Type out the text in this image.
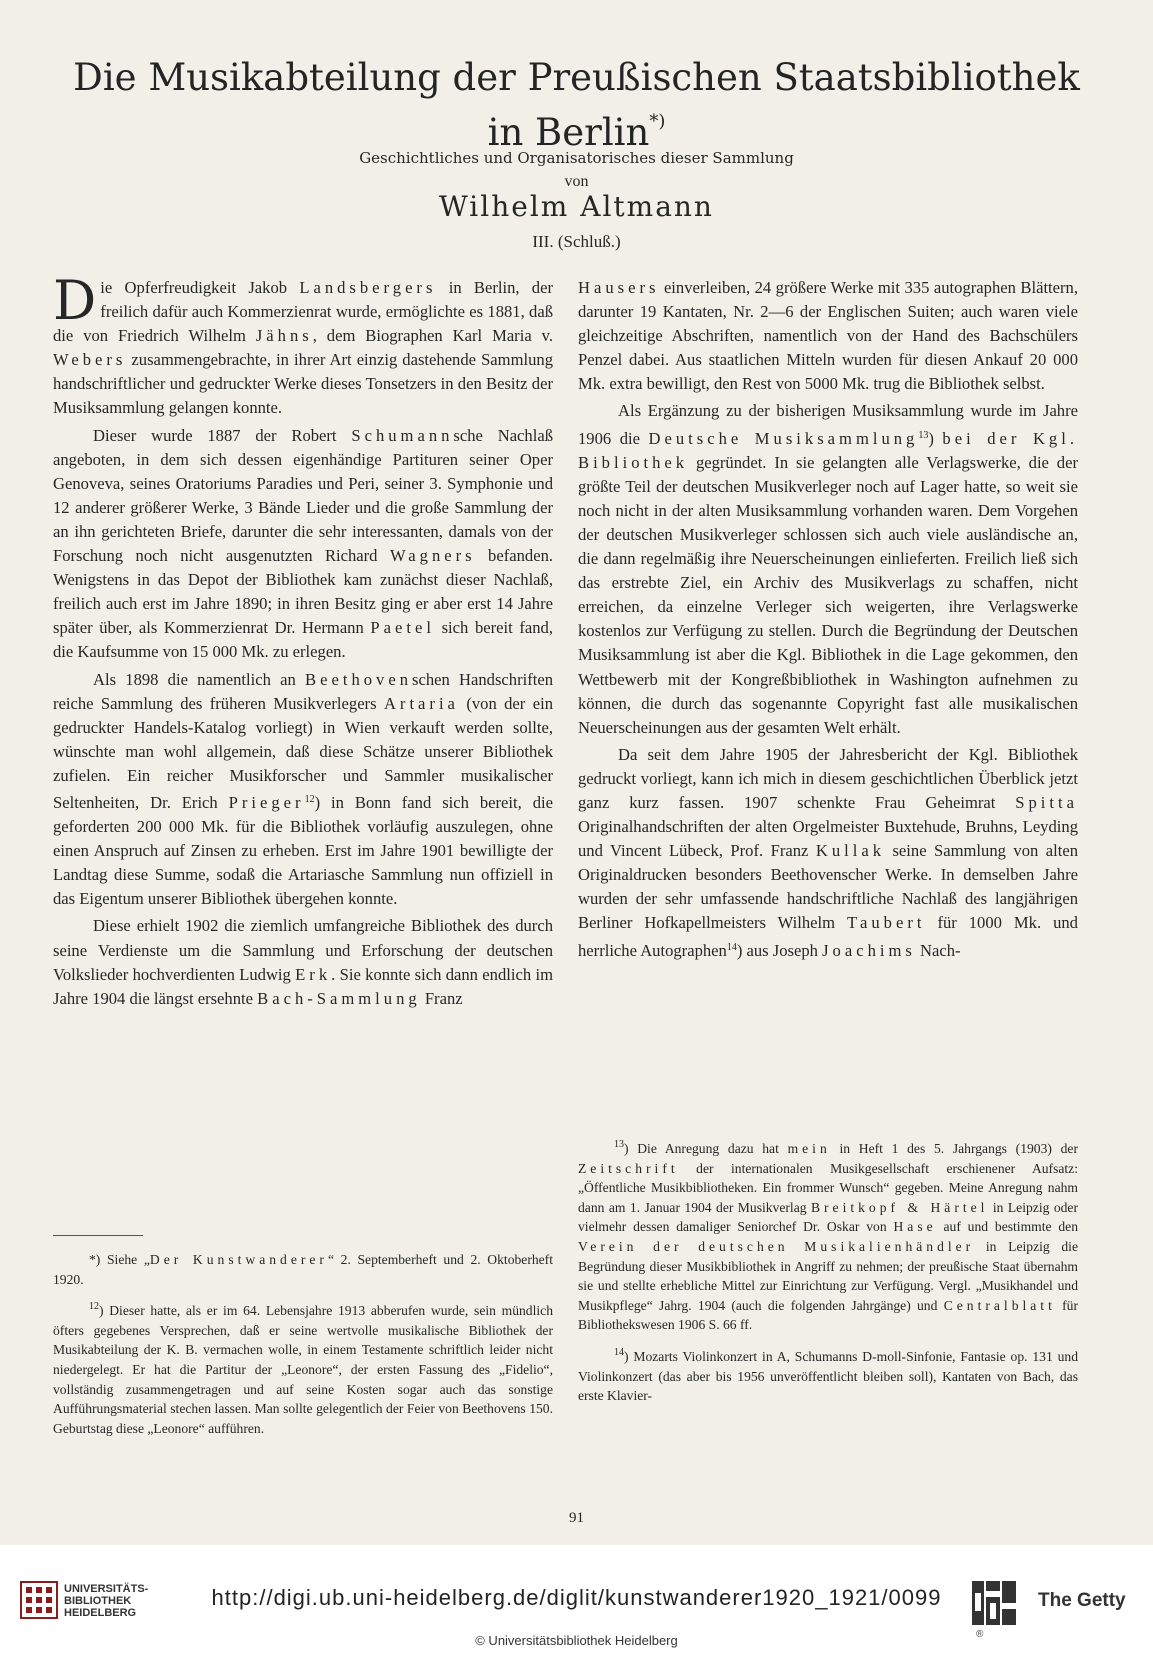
Die Musikabteilung der Preußischen Staatsbibliothek
in Berlin*)
Geschichtliches und Organisatorisches dieser Sammlung
von
Wilhelm Altmann
III. (Schluß.)

Die Opferfreudigkeit Jakob Landsbergers in Berlin, der freilich dafür auch Kommerzienrat wurde, ermöglichte es 1881, daß die von Friedrich Wilhelm Jähns, dem Biographen Karl Maria v. Webers zusammengebrachte, in ihrer Art einzig dastehende Sammlung handschriftlicher und gedruckter Werke dieses Tonsetzers in den Besitz der Musiksammlung gelangen konnte.

Dieser wurde 1887 der Robert Schumannsche Nachlaß angeboten, in dem sich dessen eigenhändige Partituren seiner Oper Genoveva, seines Oratoriums Paradies und Peri, seiner 3. Symphonie und 12 anderer größerer Werke, 3 Bände Lieder und die große Sammlung der an ihn gerichteten Briefe, darunter die sehr interessanten, damals von der Forschung noch nicht ausgenutzten Richard Wagners befanden. Wenigstens in das Depot der Bibliothek kam zunächst dieser Nachlaß, freilich auch erst im Jahre 1890; in ihren Besitz ging er aber erst 14 Jahre später über, als Kommerzienrat Dr. Hermann Paetel sich bereit fand, die Kaufsumme von 15 000 Mk. zu erlegen.

Als 1898 die namentlich an Beethovenschen Handschriften reiche Sammlung des früheren Musikverlegers Artaria (von der ein gedruckter Handels-Katalog vorliegt) in Wien verkauft werden sollte, wünschte man wohl allgemein, daß diese Schätze unserer Bibliothek zufielen. Ein reicher Musikforscher und Sammler musikalischer Seltenheiten, Dr. Erich Prieger$^{12}$) in Bonn fand sich bereit, die geforderten 200 000 Mk. für die Bibliothek vorläufig auszulegen, ohne einen Anspruch auf Zinsen zu erheben. Erst im Jahre 1901 bewilligte der Landtag diese Summe, sodaß die Artariasche Sammlung nun offiziell in das Eigentum unserer Bibliothek übergehen konnte.

Diese erhielt 1902 die ziemlich umfangreiche Bibliothek des durch seine Verdienste um die Sammlung und Erforschung der deutschen Volkslieder hochverdienten Ludwig Erk. Sie konnte sich dann endlich im Jahre 1904 die längst ersehnte Bach-Sammlung Franz

Hausers einverleiben, 24 größere Werke mit 335 autographen Blättern, darunter 19 Kantaten, Nr. 2—6 der Englischen Suiten; auch waren viele gleichzeitige Abschriften, namentlich von der Hand des Bachschülers Penzel dabei. Aus staatlichen Mitteln wurden für diesen Ankauf 20 000 Mk. extra bewilligt, den Rest von 5000 Mk. trug die Bibliothek selbst.

Als Ergänzung zu der bisherigen Musiksammlung wurde im Jahre 1906 die Deutsche Musiksammlung$^{13}$) bei der Kgl. Bibliothek gegründet. In sie gelangten alle Verlagswerke, die der größte Teil der deutschen Musikverleger noch auf Lager hatte, so weit sie noch nicht in der alten Musiksammlung vorhanden waren. Dem Vorgehen der deutschen Musikverleger schlossen sich auch viele ausländische an, die dann regelmäßig ihre Neuerscheinungen einlieferten. Freilich ließ sich das erstrebte Ziel, ein Archiv des Musikverlags zu schaffen, nicht erreichen, da einzelne Verleger sich weigerten, ihre Verlagswerke kostenlos zur Verfügung zu stellen. Durch die Begründung der Deutschen Musiksammlung ist aber die Kgl. Bibliothek in die Lage gekommen, den Wettbewerb mit der Kongreßbibliothek in Washington aufnehmen zu können, die durch das sogenannte Copyright fast alle musikalischen Neuerscheinungen aus der gesamten Welt erhält.

Da seit dem Jahre 1905 der Jahresbericht der Kgl. Bibliothek gedruckt vorliegt, kann ich mich in diesem geschichtlichen Überblick jetzt ganz kurz fassen. 1907 schenkte Frau Geheimrat Spitta Originalhandschriften der alten Orgelmeister Buxtehude, Bruhns, Leyding und Vincent Lübeck, Prof. Franz Kullak seine Sammlung von alten Originaldrucken besonders Beethovenscher Werke. In demselben Jahre wurden der sehr umfassende handschriftliche Nachlaß des langjährigen Berliner Hofkapellmeisters Wilhelm Taubert für 1000 Mk. und herrliche Autographen$^{14}$) aus Joseph Joachims Nach-

*) Siehe „Der Kunstwanderer“ 2. Septemberheft und 2. Oktoberheft 1920.

$^{12}$) Dieser hatte, als er im 64. Lebensjahre 1913 abberufen wurde, sein mündlich öfters gegebenes Versprechen, daß er seine wertvolle musikalische Bibliothek der Musikabteilung der K. B. vermachen wolle, in einem Testamente schriftlich leider nicht niedergelegt. Er hat die Partitur der „Leonore“, der ersten Fassung des „Fidelio“, vollständig zusammengetragen und auf seine Kosten sogar auch das sonstige Aufführungsmaterial stechen lassen. Man sollte gelegentlich der Feier von Beethovens 150. Geburtstag diese „Leonore“ aufführen.

$^{13}$) Die Anregung dazu hat mein in Heft 1 des 5. Jahrgangs (1903) der Zeitschrift der internationalen Musikgesellschaft erschienener Aufsatz: „Öffentliche Musikbibliotheken. Ein frommer Wunsch“ gegeben. Meine Anregung nahm dann am 1. Januar 1904 der Musikverlag Breitkopf & Härtel in Leipzig oder vielmehr dessen damaliger Seniorchef Dr. Oskar von Hase auf und bestimmte den Verein der deutschen Musikalienhändler in Leipzig die Begründung dieser Musikbibliothek in Angriff zu nehmen; der preußische Staat übernahm sie und stellte erhebliche Mittel zur Einrichtung zur Verfügung. Vergl. „Musikhandel und Musikpflege“ Jahrg. 1904 (auch die folgenden Jahrgänge) und Centralblatt für Bibliothekswesen 1906 S. 66 ff.

$^{14}$) Mozarts Violinkonzert in A, Schumanns D-moll-Sinfonie, Fantasie op. 131 und Violinkonzert (das aber bis 1956 unveröffentlicht bleiben soll), Kantaten von Bach, das erste Klavier-

91
UNIVERSITÄTS-
BIBLIOTHEK
HEIDELBERG
http://digi.ub.uni-heidelberg.de/diglit/kunstwanderer1920_1921/0099
© Universitätsbibliothek Heidelberg	®
The Getty
